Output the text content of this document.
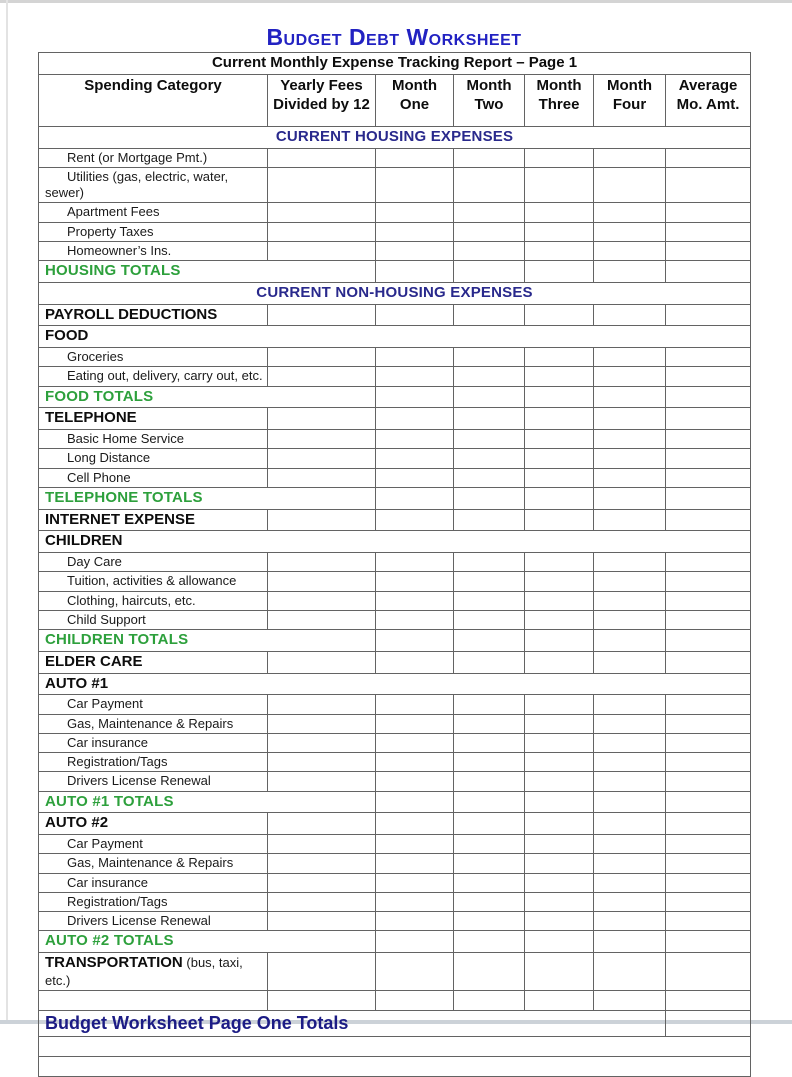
Budget Debt Worksheet
Current Monthly Expense Tracking Report – Page 1						
Spending Category	Yearly Fees Divided by 12	Month One	Month Two	Month Three	Month Four	Average Mo. Amt.
CURRENT HOUSING EXPENSES						
Rent (or Mortgage Pmt.)						
Utilities (gas, electric, water, sewer)						
Apartment Fees						
Property Taxes						
Homeowner’s Ins.						
HOUSING TOTALS						
CURRENT NON-HOUSING EXPENSES						
PAYROLL DEDUCTIONS						
FOOD						
Groceries						
Eating out, delivery, carry out, etc.						
FOOD TOTALS						
TELEPHONE						
Basic Home Service						
Long Distance						
Cell Phone						
TELEPHONE TOTALS						
INTERNET EXPENSE						
CHILDREN						
Day Care						
Tuition, activities & allowance						
Clothing, haircuts, etc.						
Child Support						
CHILDREN TOTALS						
ELDER CARE						
AUTO #1						
Car Payment						
Gas, Maintenance & Repairs						
Car insurance						
Registration/Tags						
Drivers License Renewal						
AUTO #1 TOTALS						
AUTO #2						
Car Payment						
Gas, Maintenance & Repairs						
Car insurance						
Registration/Tags						
Drivers License Renewal						
AUTO #2 TOTALS						
TRANSPORTATION (bus, taxi, etc.)						

Budget Worksheet Page One Totals						
